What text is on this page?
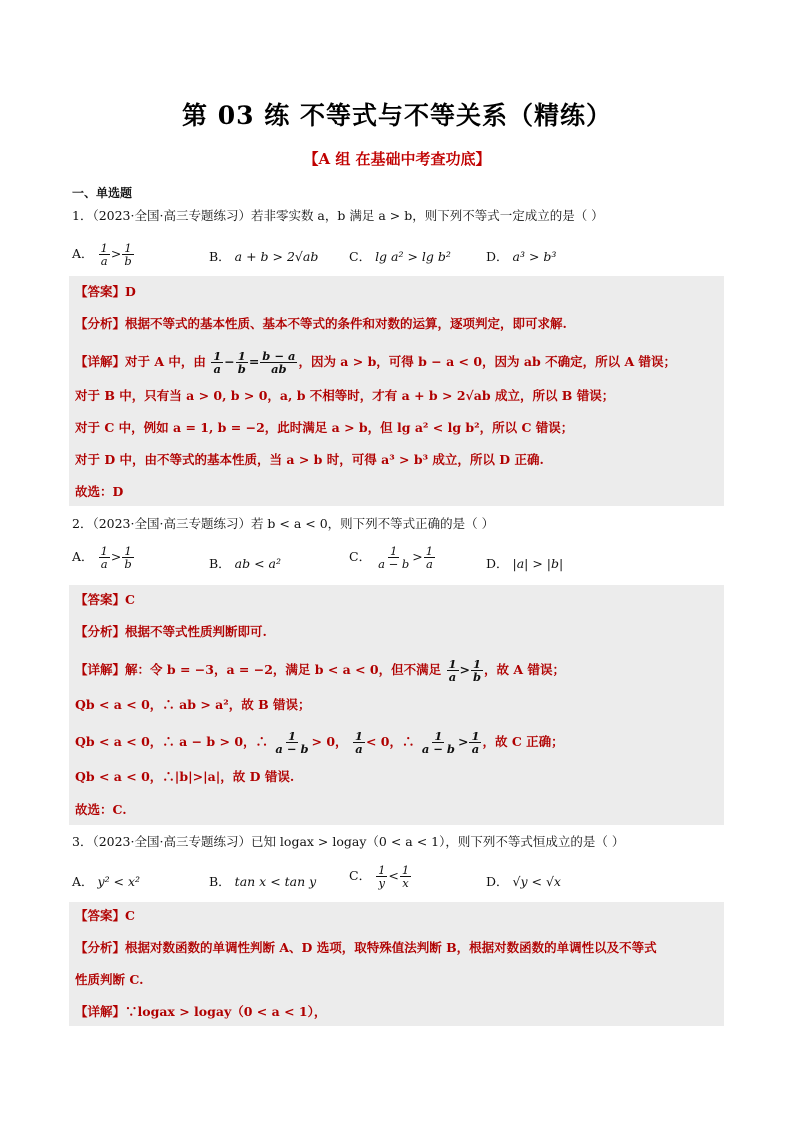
第 03 练 不等式与不等关系（精练）
【A 组 在基础中考查功底】
一、单选题
1．（2023·全国·高三专题练习）若非零实数 a，b 满足 a > b，则下列不等式一定成立的是（ ）
A． $\frac{1}{a} > \frac{1}{b}$	B． a + b > 2√ab C． lg a² > lg b²	D． a³ > b³
【答案】D
【分析】根据不等式的基本性质、基本不等式的条件和对数的运算，逐项判定，即可求解.
【详解】对于 A 中，由 $\frac{1}{a} - \frac{1}{b} = \frac{b - a}{ab}$ ，因为 a > b，可得 b − a < 0，因为 ab 不确定，所以 A 错误；
对于 B 中，只有当 a > 0, b > 0，a, b 不相等时，才有 a + b > 2√ab 成立，所以 B 错误；
对于 C 中，例如 a = 1, b = −2，此时满足 a > b，但 lg a² < lg b²，所以 C 错误；
对于 D 中，由不等式的基本性质，当 a > b 时，可得 a³ > b³ 成立，所以 D 正确.
故选：D
2．（2023·全国·高三专题练习）若 b < a < 0，则下列不等式正确的是（ ）
A． $\frac{1}{a} > \frac{1}{b}$	B． ab < a²	C． $\frac{1}{a - b} > \frac{1}{a}$	D． |a| > |b|
【答案】C
【分析】根据不等式性质判断即可.
【详解】解：令 b = −3，a = −2，满足 b < a < 0，但不满足 $\frac{1}{a} > \frac{1}{b}$ ，故 A 错误；
Qb < a < 0，∴ ab > a²，故 B 错误；
Qb < a < 0，∴ a − b > 0，∴ $\frac{1}{a - b} > 0$， $\frac{1}{a} < 0$，∴ $\frac{1}{a - b} > \frac{1}{a}$ ，故 C 正确；
Qb < a < 0，∴|b|>|a|，故 D 错误.
故选：C.
3．（2023·全国·高三专题练习）已知 logax > logay（0 < a < 1），则下列不等式恒成立的是（ ）
A． y² < x²	B． tan x < tan y	C． $\frac{1}{y} < \frac{1}{x}$	D． √y < √x
【答案】C
【分析】根据对数函数的单调性判断 A、D 选项，取特殊值法判断 B，根据对数函数的单调性以及不等式
性质判断 C.
【详解】∵logax > logay（0 < a < 1），
